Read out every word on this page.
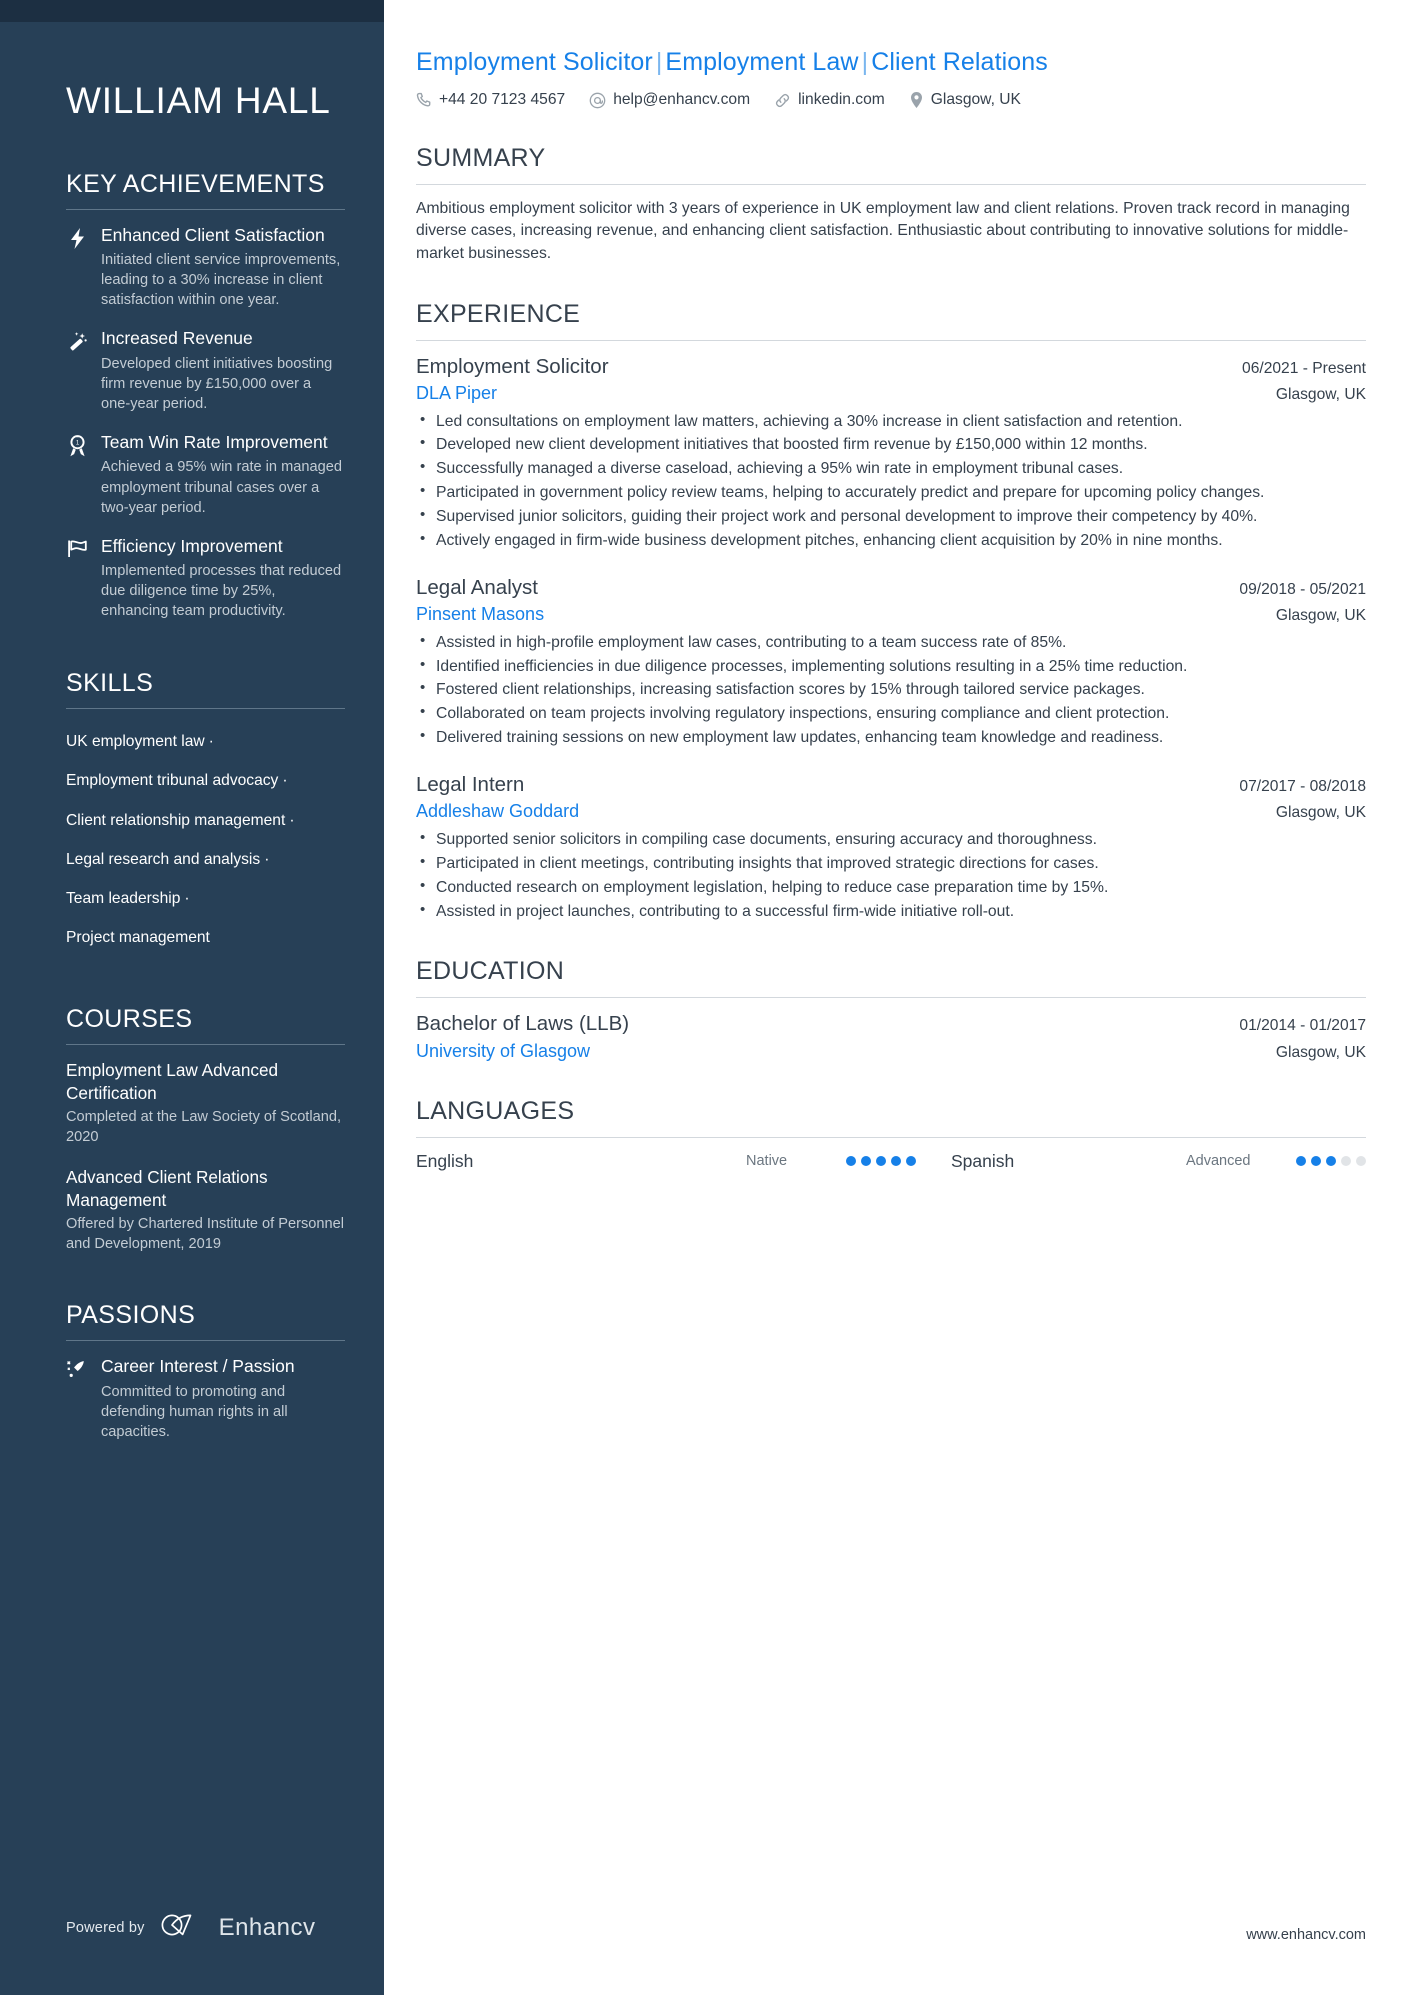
WILLIAM HALL
KEY ACHIEVEMENTS
Enhanced Client Satisfaction
Initiated client service improvements, leading to a 30% increase in client satisfaction within one year.
Increased Revenue
Developed client initiatives boosting firm revenue by £150,000 over a one-year period.
1 Team Win Rate Improvement
Achieved a 95% win rate in managed employment tribunal cases over a two-year period.
Efficiency Improvement
Implemented processes that reduced due diligence time by 25%, enhancing team productivity.
SKILLS
UK employment law ·
Employment tribunal advocacy ·
Client relationship management ·
Legal research and analysis ·
Team leadership ·
Project management
COURSES
Employment Law Advanced Certification
Completed at the Law Society of Scotland, 2020
Advanced Client Relations Management
Offered by Chartered Institute of Personnel and Development, 2019
PASSIONS
Career Interest / Passion
Committed to promoting and defending human rights in all capacities.
Powered by	Enhancv
Employment Solicitor | Employment Law | Client Relations
+44 20 7123 4567	help@enhancv.com	linkedin.com	Glasgow, UK
SUMMARY

Ambitious employment solicitor with 3 years of experience in UK employment law and client relations. Proven track record in managing diverse cases, increasing revenue, and enhancing client satisfaction. Enthusiastic about contributing to innovative solutions for middle-market businesses.

EXPERIENCE
Employment Solicitor	06/2021 - Present
DLA Piper	Glasgow, UK
• Led consultations on employment law matters, achieving a 30% increase in client satisfaction and retention.
• Developed new client development initiatives that boosted firm revenue by £150,000 within 12 months.
• Successfully managed a diverse caseload, achieving a 95% win rate in employment tribunal cases.
• Participated in government policy review teams, helping to accurately predict and prepare for upcoming policy changes.
• Supervised junior solicitors, guiding their project work and personal development to improve their competency by 40%.
• Actively engaged in firm-wide business development pitches, enhancing client acquisition by 20% in nine months.
Legal Analyst	09/2018 - 05/2021
Pinsent Masons	Glasgow, UK
• Assisted in high-profile employment law cases, contributing to a team success rate of 85%.
• Identified inefficiencies in due diligence processes, implementing solutions resulting in a 25% time reduction.
• Fostered client relationships, increasing satisfaction scores by 15% through tailored service packages.
• Collaborated on team projects involving regulatory inspections, ensuring compliance and client protection.
• Delivered training sessions on new employment law updates, enhancing team knowledge and readiness.
Legal Intern	07/2017 - 08/2018
Addleshaw Goddard	Glasgow, UK
• Supported senior solicitors in compiling case documents, ensuring accuracy and thoroughness.
• Participated in client meetings, contributing insights that improved strategic directions for cases.
• Conducted research on employment legislation, helping to reduce case preparation time by 15%.
• Assisted in project launches, contributing to a successful firm-wide initiative roll-out.
EDUCATION
Bachelor of Laws (LLB)	01/2014 - 01/2017
University of Glasgow	Glasgow, UK
LANGUAGES
English	Native	Spanish	Advanced
www.enhancv.com
